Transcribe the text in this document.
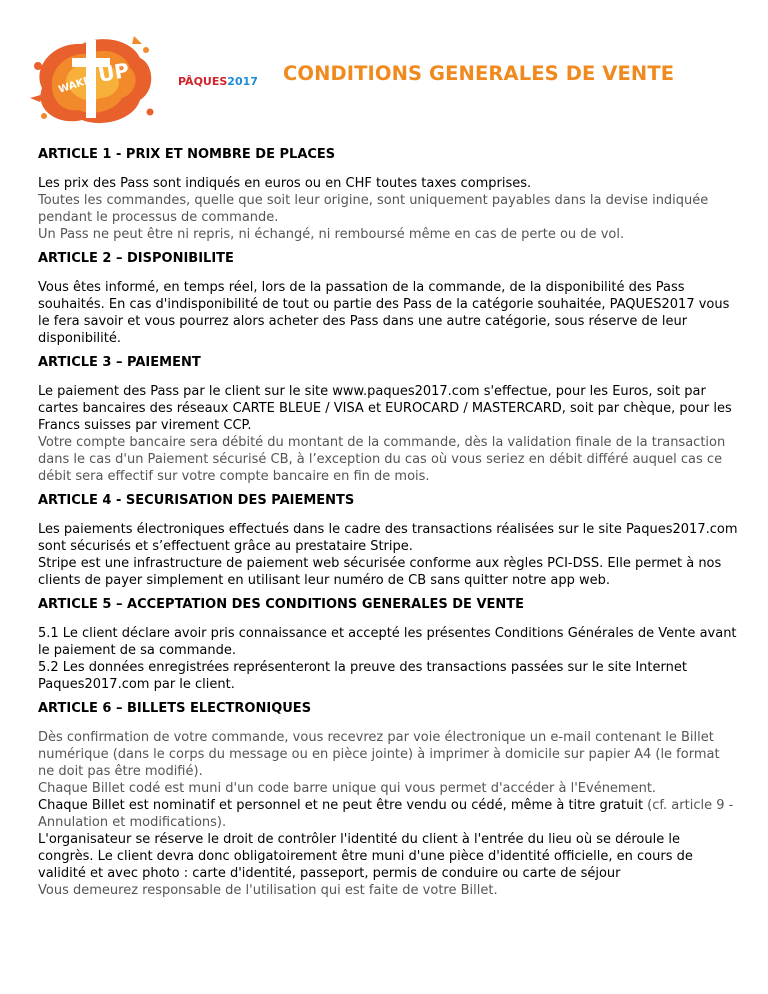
WAKE UP	PÂQUES2017 CONDITIONS GENERALES DE VENTE
ARTICLE 1 - PRIX ET NOMBRE DE PLACES

Les prix des Pass sont indiqués en euros ou en CHF toutes taxes comprises.

Toutes les commandes, quelle que soit leur origine, sont uniquement payables dans la devise indiquée pendant le processus de commande.

Un Pass ne peut être ni repris, ni échangé, ni remboursé même en cas de perte ou de vol.

ARTICLE 2 – DISPONIBILITE

Vous êtes informé, en temps réel, lors de la passation de la commande, de la disponibilité des Pass souhaités. En cas d'indisponibilité de tout ou partie des Pass de la catégorie souhaitée, PAQUES2017 vous le fera savoir et vous pourrez alors acheter des Pass dans une autre catégorie, sous réserve de leur disponibilité.

ARTICLE 3 – PAIEMENT

Le paiement des Pass par le client sur le site www.paques2017.com s'effectue, pour les Euros, soit par cartes bancaires des réseaux CARTE BLEUE / VISA et EUROCARD / MASTERCARD, soit par chèque, pour les Francs suisses par virement CCP.

Votre compte bancaire sera débité du montant de la commande, dès la validation finale de la transaction dans le cas d'un Paiement sécurisé CB, à l’exception du cas où vous seriez en débit différé auquel cas ce débit sera effectif sur votre compte bancaire en fin de mois.

ARTICLE 4 - SECURISATION DES PAIEMENTS

Les paiements électroniques effectués dans le cadre des transactions réalisées sur le site Paques2017.com sont sécurisés et s’effectuent grâce au prestataire Stripe.

Stripe est une infrastructure de paiement web sécurisée conforme aux règles PCI-DSS. Elle permet à nos clients de payer simplement en utilisant leur numéro de CB sans quitter notre app web.

ARTICLE 5 – ACCEPTATION DES CONDITIONS GENERALES DE VENTE

5.1 Le client déclare avoir pris connaissance et accepté les présentes Conditions Générales de Vente avant le paiement de sa commande.

5.2 Les données enregistrées représenteront la preuve des transactions passées sur le site Internet Paques2017.com par le client.

ARTICLE 6 – BILLETS ELECTRONIQUES

Dès confirmation de votre commande, vous recevrez par voie électronique un e-mail contenant le Billet numérique (dans le corps du message ou en pièce jointe) à imprimer à domicile sur papier A4 (le format ne doit pas être modifié).

Chaque Billet codé est muni d'un code barre unique qui vous permet d'accéder à l'Evénement.

Chaque Billet est nominatif et personnel et ne peut être vendu ou cédé, même à titre gratuit (cf. article 9 - Annulation et modifications).

L'organisateur se réserve le droit de contrôler l'identité du client à l'entrée du lieu où se déroule le congrès. Le client devra donc obligatoirement être muni d'une pièce d'identité officielle, en cours de validité et avec photo : carte d'identité, passeport, permis de conduire ou carte de séjour

Vous demeurez responsable de l'utilisation qui est faite de votre Billet.
